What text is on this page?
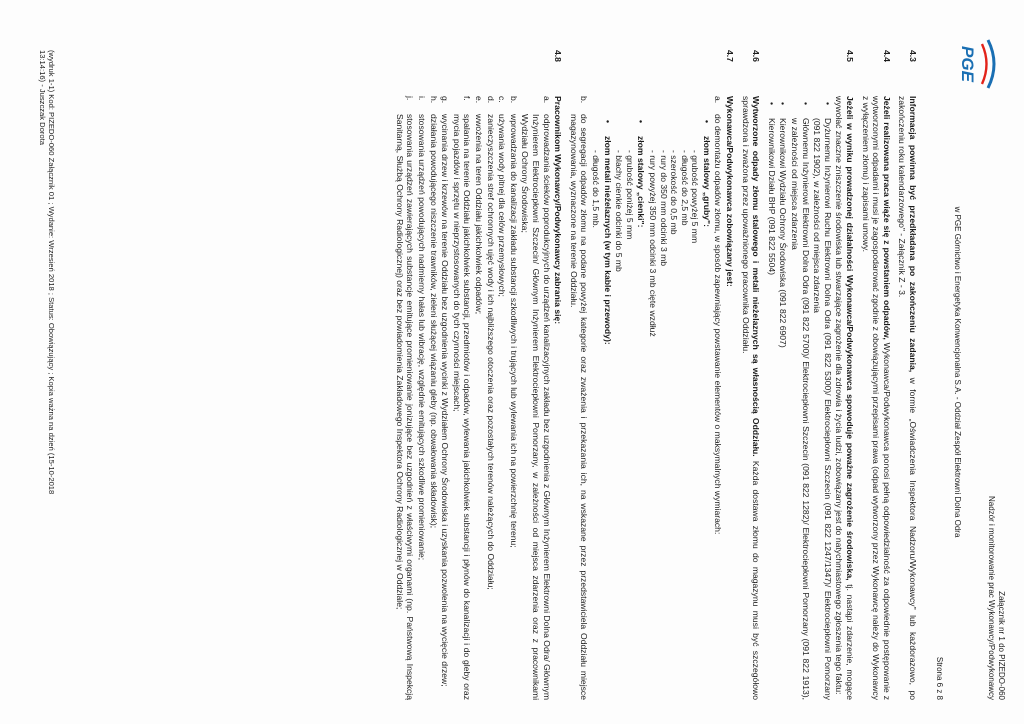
PGE
Załącznik nr 1 do PIZEDO-060
Nadzór i monitorowanie prac Wykonawcy/Podwykonawcy
w PGE Górnictwo i Energetyka Konwencjonalna S.A. - Oddział Zespół Elektrowni Dolna Odra
Strona 6 z 8
4.3
Informacja powinna być przedkładana po zakończeniu zadania, w formie „Oświadczenia Inspektora Nadzoru/Wykonawcy" lub każdorazowo, po zakończeniu roku kalendarzowego" - Załącznik Z - 3.
4.4
Jeżeli realizowana praca wiąże się z powstaniem odpadów, Wykonawca/Podwykonawca ponosi pełną odpowiedzialność za odpowiednie postępowanie z wytworzonymi odpadami i musi je zagospodarować zgodnie z obowiązującymi przepisami prawa (odpad wytworzony przez Wykonawcę należy do Wykonawcy z wyłączeniem złomu) i zapisami umowy.
4.5
Jeżeli w wyniku prowadzonej działalności Wykonawca/Podwykonawca spowoduje poważne zagrożenie środowiska, tj. nastąpi zdarzenie, mogące wywołać znaczne zniszczenie środowiska lub stwarzające zagrożenie dla zdrowia i życia ludzi, zobowiązany jest do natychmiastowego zgłoszenia tego faktu:
• Dyżurnemu Inżynierowi Ruchu Elektrowni Dolna Odra (091 822 5300)/ Elektrociepłowni Szczecin (091 822 1247/1347)/ Elektrociepłowni Pomorzany (091 822 1902), w zależności od miejsca zdarzenia
• Głównemu Inżynierowi Elektrowni Dolna Odra (091 822 5700)/ Elektrociepłowni Szczecin (091 822 1282)/ Elektrociepłowni Pomorzany (091 822 1913), w zależności od miejsca zdarzenia
• Kierownikowi Wydziału Ochrony Środowiska (091 822 6907)
• Kierownikowi Działu BHP (091 822 5504)
4.6
Wytworzone odpady złomu stalowego i metali nieżelaznych są własnością Oddziału. Każda dostawa złomu do magazynu musi być szczegółowo sprawdzona i zważona przez upoważnionego pracownika Oddziału.
4.7
Wykonawca/Podwykonawca zobowiązany jest:
a.
do demontażu odpadów złomu, w sposób zapewniający powstawanie elementów o maksymalnych wymiarach:
• złom stalowy „gruby":
- grubość powyżej 5 mm
- długość do 2,5 mb
- szerokość do 0,5 mb
- rury do 350 mm odcinki 3 mb
- rury powyżej 350 mm odcinki 3 mb cięte wzdłuż
• złom stalowy „cienki":
- grubość poniżej 5 mm
- blachy cienkie odcinki do 5 mb
• złom metali nieżelaznych (w tym kable i przewody):
- długość do 1,5 mb.
b.
do segregacji odpadów złomu na podane powyżej kategorie oraz zważenia i przekazania ich, na wskazane przez przedstawiciela Oddziału miejsce magazynowania, wyznaczone na terenie Oddziału.
4.8
Pracownikom Wykonawcy/Podwykonawcy zabrania się:
a.
odprowadzania ścieków poprodukcyjnych do urządzeń kanalizacyjnych zakładu bez uzgodnienia z Głównym Inżynierem Elektrowni Dolna Odra/ Głównym Inżynierem Elektrociepłowni Szczecin/ Głównym Inżynierem Elektrociepłowni Pomorzany, w zależności od miejsca zdarzenia oraz z pracownikami Wydziału Ochrony Środowiska;
b.
wprowadzania do kanalizacji zakładu substancji szkodliwych i trujących lub wylewania ich na powierzchnię terenu;
c.
używania wody pitnej dla celów przemysłowych;
d.
zanieczyszczenia stref ochronnych ujęć wody i ich najbliższego otoczenia oraz pozostałych terenów należących do Oddziału;
e.
wwożenia na teren Oddziału jakichkolwiek odpadów;
f.
spalania na terenie Oddziału jakichkolwiek substancji, przedmiotów i odpadów, wylewania jakichkolwiek substancji i płynów do kanalizacji i do gleby oraz mycia pojazdów i sprzętu w nieprzystosowanych do tych czynności miejscach;
g.
wycinania drzew i krzewów na terenie Oddziału bez uzgodnienia wycinki z Wydziałem Ochrony Środowiska i uzyskania pozwolenia na wycięcie drzew;
h.
działania powodującego niszczenie trawników, zieleni służącej wiązaniu gleby (np. obwałowania składowisk);
i.
stosowania urządzeń powodujących nadmierny hałas lub wibrację, względnie emitujących szkodliwe promieniowanie;
j.
stosowania urządzeń zawierających substancje emitujące promieniowanie jonizujące bez uzgodnień z właściwymi organami (np. Państwową Inspekcją Sanitarną, Służbą Ochrony Radiologicznej) oraz bez powiadomienia Zakładowego Inspektora Ochrony Radiologicznej w Oddziale;
(wydruk 1-1) Kod: PIZEDO-060 Załącznik 01 ; Wydanie: Wrzesień 2018 ; Status: Obowiązujący ; Kopia ważna na dzień (15-10-2018
13:14:16) - Juszczak Dorota
